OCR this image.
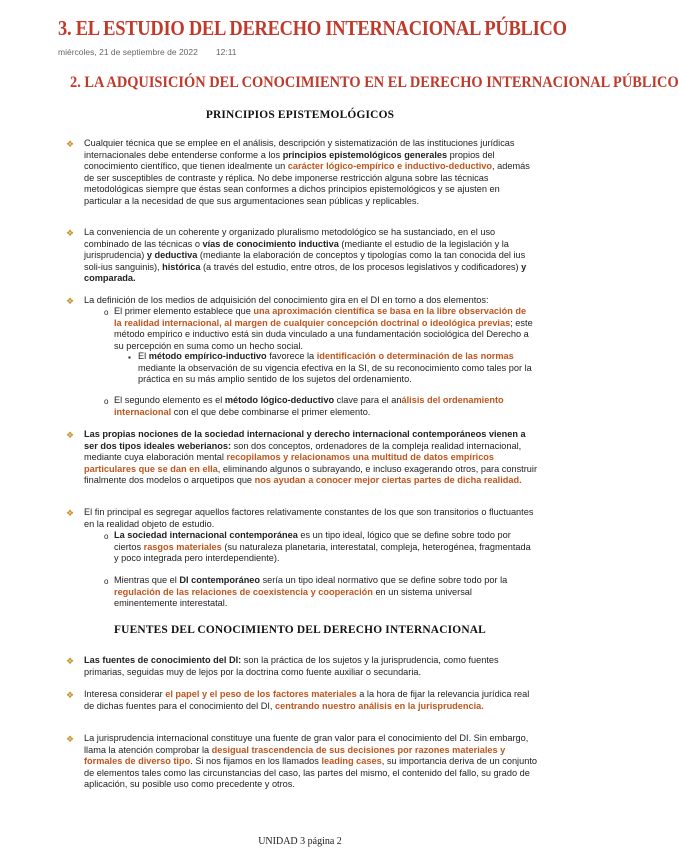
3. EL ESTUDIO DEL DERECHO INTERNACIONAL PÚBLICO
miércoles, 21 de septiembre de 2022 12:11
2. LA ADQUISICIÓN DEL CONOCIMIENTO EN EL DERECHO INTERNACIONAL PÚBLICO
PRINCIPIOS EPISTEMOLÓGICOS
❖	Cualquier técnica que se emplee en el análisis, descripción y sistematización de las instituciones jurídicas internacionales debe entenderse conforme a los principios epistemológicos generales propios del conocimiento científico, que tienen idealmente un carácter lógico-empírico e inductivo-deductivo, además de ser susceptibles de contraste y réplica. No debe imponerse restricción alguna sobre las técnicas metodológicas siempre que éstas sean conformes a dichos principios epistemológicos y se ajusten en particular a la necesidad de que sus argumentaciones sean públicas y replicables.
❖	La conveniencia de un coherente y organizado pluralismo metodológico se ha sustanciado, en el uso combinado de las técnicas o vías de conocimiento inductiva (mediante el estudio de la legislación y la jurisprudencia) y deductiva (mediante la elaboración de conceptos y tipologías como la tan conocida del ius soli-ius sanguinis), histórica (a través del estudio, entre otros, de los procesos legislativos y codificadores) y comparada.
❖	La definición de los medios de adquisición del conocimiento gira en el DI en torno a dos elementos:
o El primer elemento establece que una aproximación científica se basa en la libre observación de la realidad internacional, al margen de cualquier concepción doctrinal o ideológica previas; este método empírico e inductivo está sin duda vinculado a una fundamentación sociológica del Derecho a su percepción en suma como un hecho social.
▪ El método empírico-inductivo favorece la identificación o determinación de las normas mediante la observación de su vigencia efectiva en la SI, de su reconocimiento como tales por la práctica en su más amplio sentido de los sujetos del ordenamiento.
o El segundo elemento es el método lógico-deductivo clave para el análisis del ordenamiento internacional con el que debe combinarse el primer elemento.
❖	Las propias nociones de la sociedad internacional y derecho internacional contemporáneos vienen a ser dos tipos ideales weberianos: son dos conceptos, ordenadores de la compleja realidad internacional, mediante cuya elaboración mental recopilamos y relacionamos una multitud de datos empíricos particulares que se dan en ella, eliminando algunos o subrayando, e incluso exagerando otros, para construir finalmente dos modelos o arquetipos que nos ayudan a conocer mejor ciertas partes de dicha realidad.
❖	El fin principal es segregar aquellos factores relativamente constantes de los que son transitorios o fluctuantes en la realidad objeto de estudio.
o La sociedad internacional contemporánea es un tipo ideal, lógico que se define sobre todo por ciertos rasgos materiales (su naturaleza planetaria, interestatal, compleja, heterogénea, fragmentada y poco integrada pero interdependiente).
o Mientras que el DI contemporáneo sería un tipo ideal normativo que se define sobre todo por la regulación de las relaciones de coexistencia y cooperación en un sistema universal eminentemente interestatal.
FUENTES DEL CONOCIMIENTO DEL DERECHO INTERNACIONAL
❖	Las fuentes de conocimiento del DI: son la práctica de los sujetos y la jurisprudencia, como fuentes primarias, seguidas muy de lejos por la doctrina como fuente auxiliar o secundaria.
❖	Interesa considerar el papel y el peso de los factores materiales a la hora de fijar la relevancia jurídica real de dichas fuentes para el conocimiento del DI, centrando nuestro análisis en la jurisprudencia.
❖	La jurisprudencia internacional constituye una fuente de gran valor para el conocimiento del DI. Sin embargo, llama la atención comprobar la desigual trascendencia de sus decisiones por razones materiales y formales de diverso tipo. Si nos fijamos en los llamados leading cases, su importancia deriva de un conjunto de elementos tales como las circunstancias del caso, las partes del mismo, el contenido del fallo, su grado de aplicación, su posible uso como precedente y otros.
UNIDAD 3 página 2
